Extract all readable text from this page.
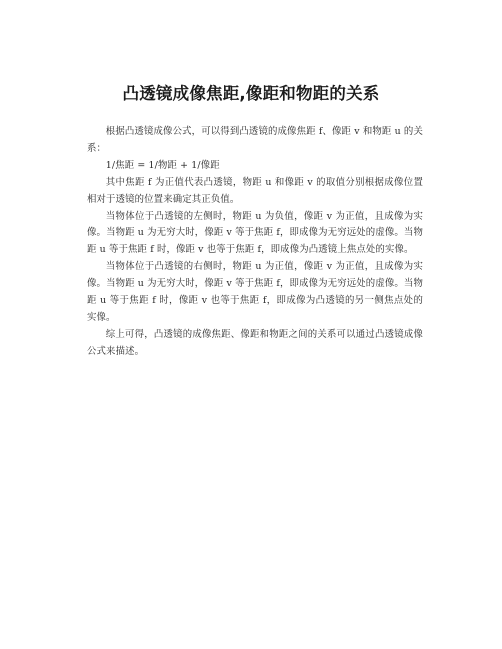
凸透镜成像焦距,像距和物距的关系

根据凸透镜成像公式，可以得到凸透镜的成像焦距 f、像距 v 和物距 u 的关系：

1/焦距 = 1/物距 + 1/像距

其中焦距 f 为正值代表凸透镜，物距 u 和像距 v 的取值分别根据成像位置相对于透镜的位置来确定其正负值。

当物体位于凸透镜的左侧时，物距 u 为负值，像距 v 为正值，且成像为实像。当物距 u 为无穷大时，像距 v 等于焦距 f，即成像为无穷远处的虚像。当物距 u 等于焦距 f 时，像距 v 也等于焦距 f，即成像为凸透镜上焦点处的实像。

当物体位于凸透镜的右侧时，物距 u 为正值，像距 v 为正值，且成像为实像。当物距 u 为无穷大时，像距 v 等于焦距 f，即成像为无穷远处的虚像。当物距 u 等于焦距 f 时，像距 v 也等于焦距 f，即成像为凸透镜的另一侧焦点处的实像。

综上可得，凸透镜的成像焦距、像距和物距之间的关系可以通过凸透镜成像公式来描述。
